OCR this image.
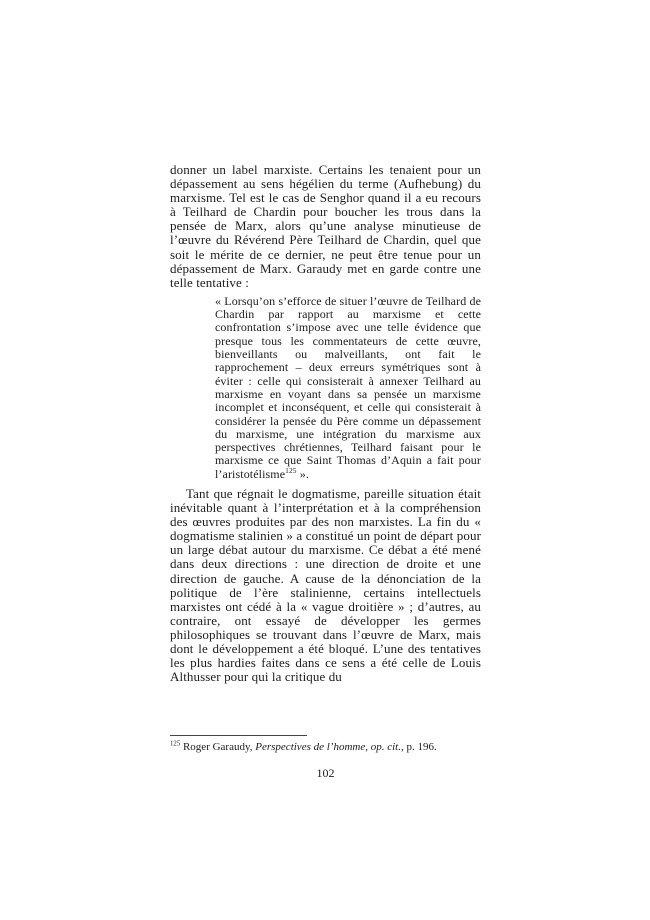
donner un label marxiste. Certains les tenaient pour un dépassement au sens hégélien du terme (Aufhebung) du marxisme. Tel est le cas de Senghor quand il a eu recours à Teilhard de Chardin pour boucher les trous dans la pensée de Marx, alors qu’une analyse minutieuse de l’œuvre du Révérend Père Teilhard de Chardin, quel que soit le mérite de ce dernier, ne peut être tenue pour un dépassement de Marx. Garaudy met en garde contre une telle tentative :

« Lorsqu’on s’efforce de situer l’œuvre de Teilhard de Chardin par rapport au marxisme et cette confrontation s’impose avec une telle évidence que presque tous les commentateurs de cette œuvre, bienveillants ou malveillants, ont fait le rapprochement – deux erreurs symétriques sont à éviter : celle qui consisterait à annexer Teilhard au marxisme en voyant dans sa pensée un marxisme incomplet et inconséquent, et celle qui consisterait à considérer la pensée du Père comme un dépassement du marxisme, une intégration du marxisme aux perspectives chrétiennes, Teilhard faisant pour le marxisme ce que Saint Thomas d’Aquin a fait pour l’aristotélisme$^{125}$ ».

Tant que régnait le dogmatisme, pareille situation était inévitable quant à l’interprétation et à la compréhension des œuvres produites par des non marxistes. La fin du « dogmatisme stalinien » a constitué un point de départ pour un large débat autour du marxisme. Ce débat a été mené dans deux directions : une direction de droite et une direction de gauche. A cause de la dénonciation de la politique de l’ère stalinienne, certains intellectuels marxistes ont cédé à la « vague droitière » ; d’autres, au contraire, ont essayé de développer les germes philosophiques se trouvant dans l’œuvre de Marx, mais dont le développement a été bloqué. L’une des tentatives les plus hardies faites dans ce sens a été celle de Louis Althusser pour qui la critique du

$^{125}$ Roger Garaudy, Perspectives de l’homme, op. cit., p. 196.

102
